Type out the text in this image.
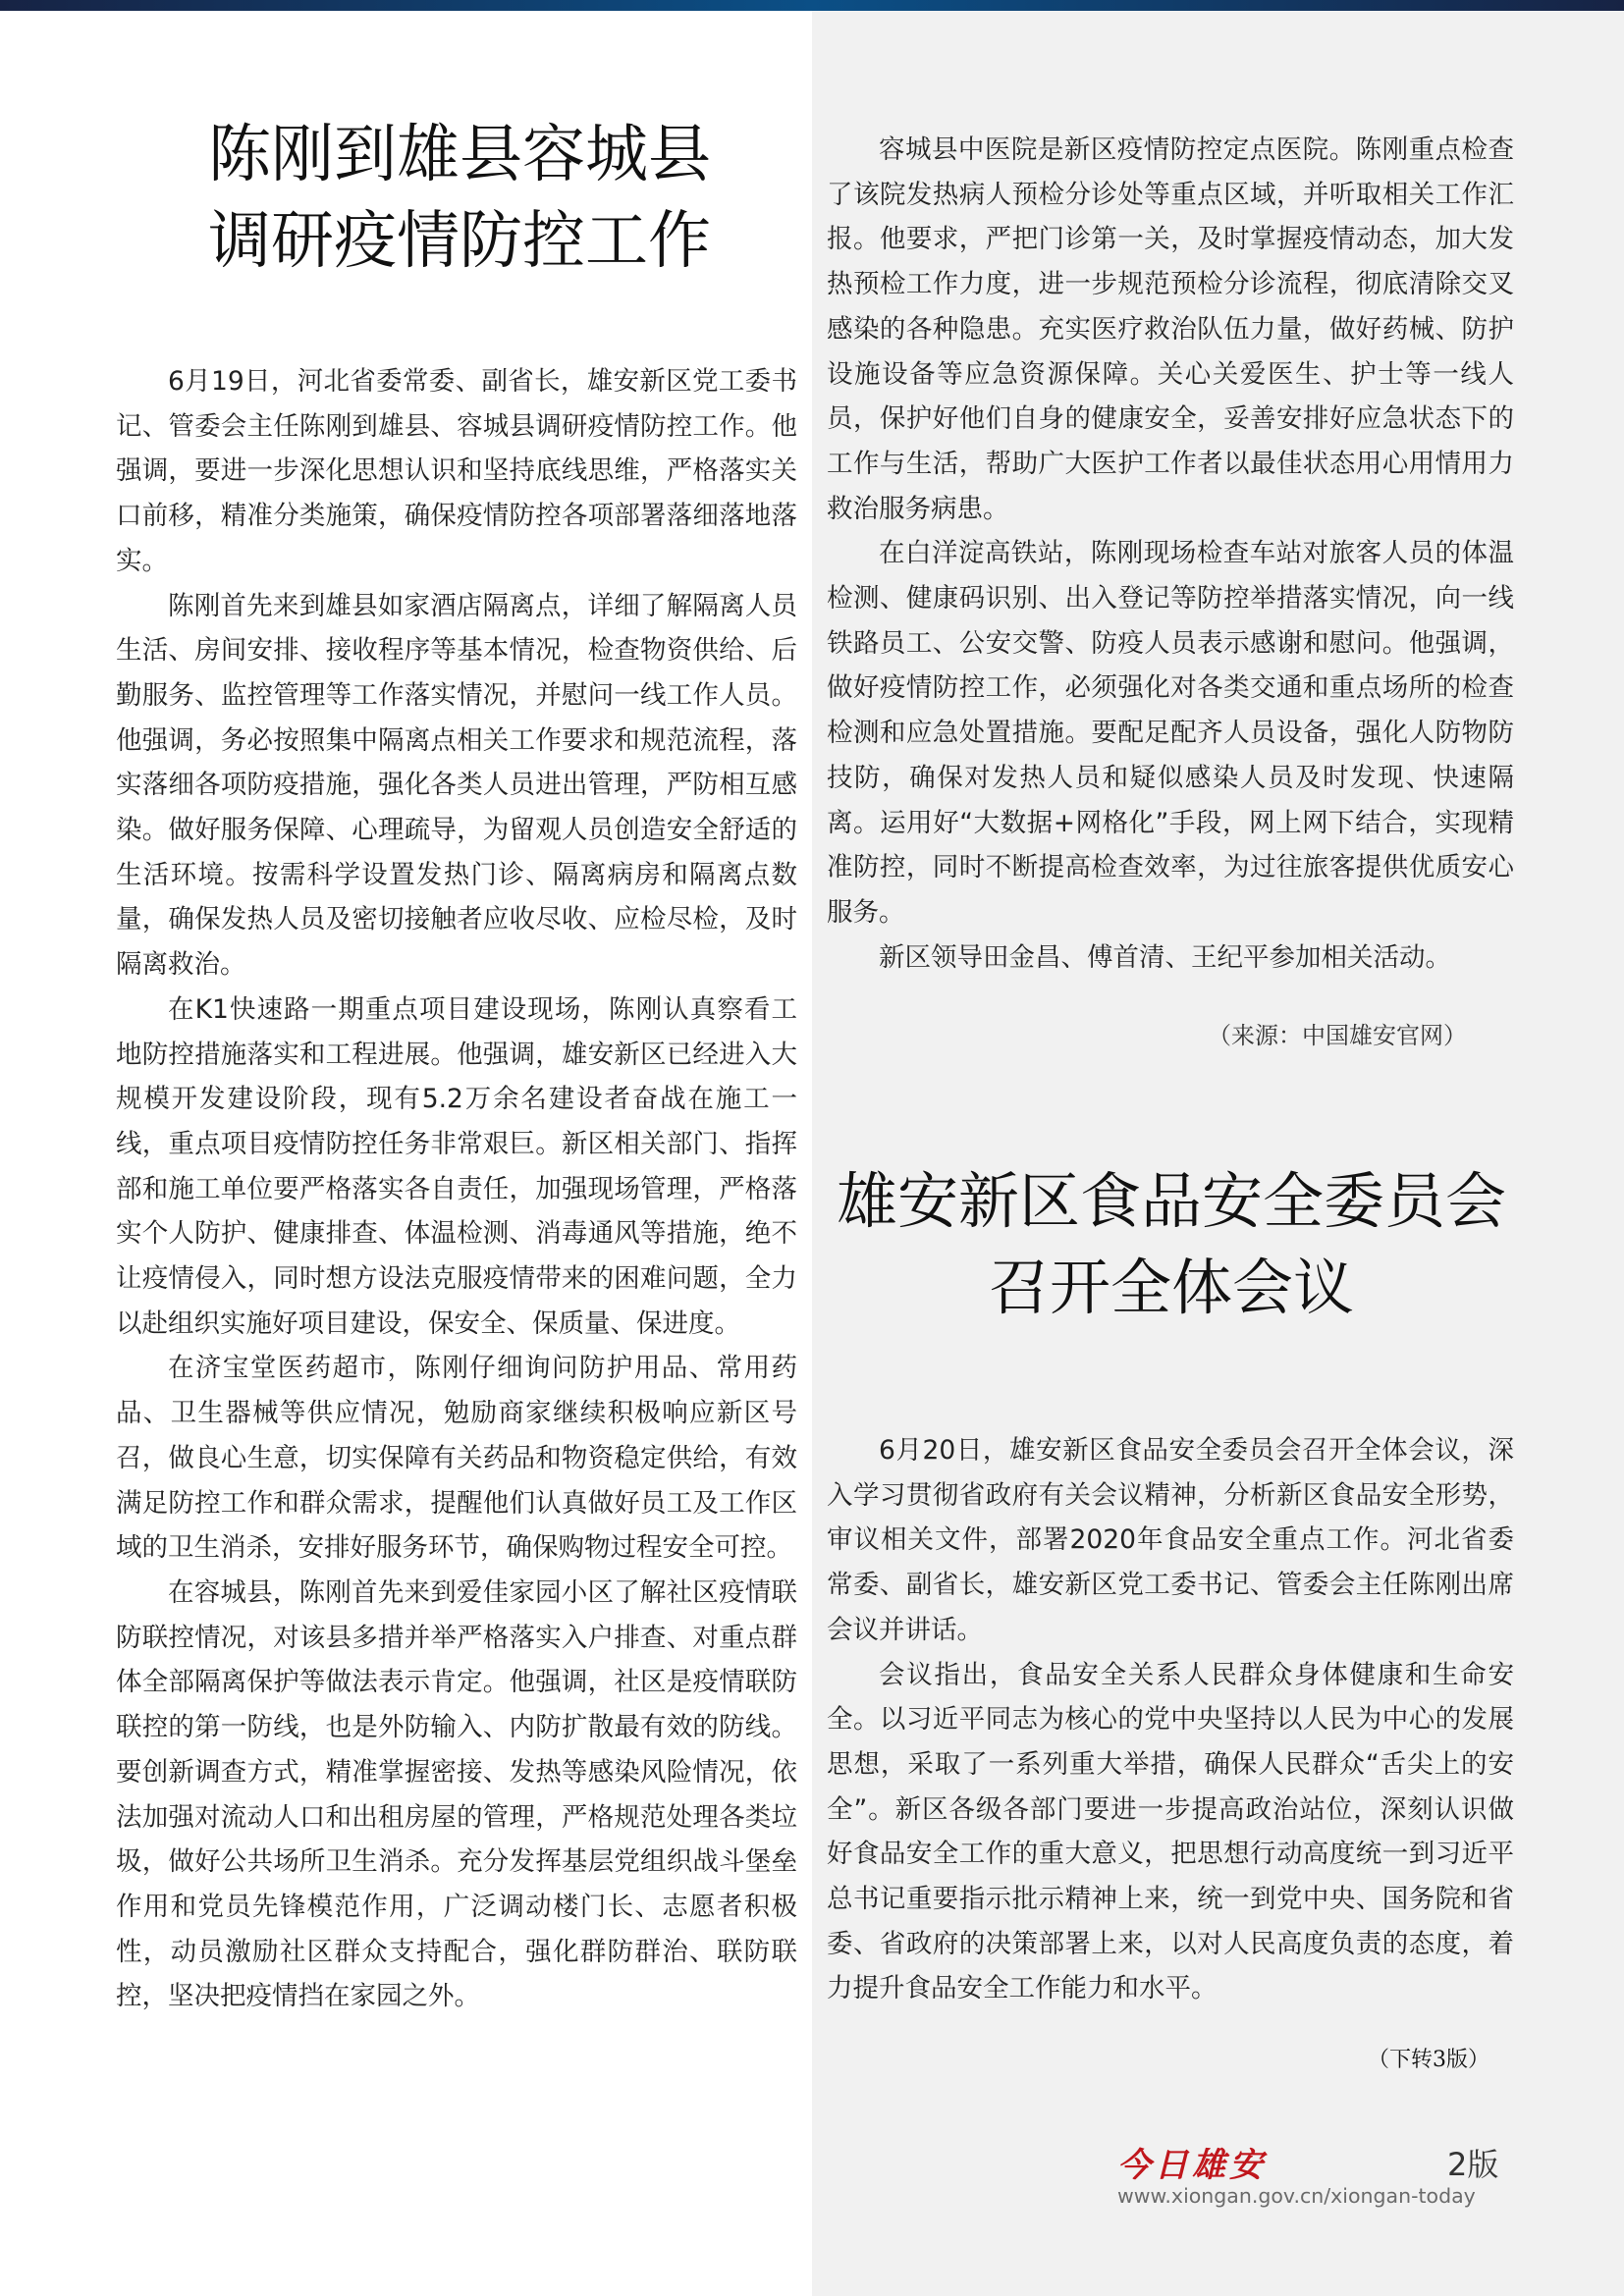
陈刚到雄县容城县
调研疫情防控工作

6月19日，河北省委常委、副省长，雄安新区党工委书记、管委会主任陈刚到雄县、容城县调研疫情防控工作。他强调，要进一步深化思想认识和坚持底线思维，严格落实关口前移，精准分类施策，确保疫情防控各项部署落细落地落实。

陈刚首先来到雄县如家酒店隔离点，详细了解隔离人员生活、房间安排、接收程序等基本情况，检查物资供给、后勤服务、监控管理等工作落实情况，并慰问一线工作人员。他强调，务必按照集中隔离点相关工作要求和规范流程，落实落细各项防疫措施，强化各类人员进出管理，严防相互感染。做好服务保障、心理疏导，为留观人员创造安全舒适的生活环境。按需科学设置发热门诊、隔离病房和隔离点数量，确保发热人员及密切接触者应收尽收、应检尽检，及时隔离救治。

在K1快速路一期重点项目建设现场，陈刚认真察看工地防控措施落实和工程进展。他强调，雄安新区已经进入大规模开发建设阶段，现有5.2万余名建设者奋战在施工一线，重点项目疫情防控任务非常艰巨。新区相关部门、指挥部和施工单位要严格落实各自责任，加强现场管理，严格落实个人防护、健康排查、体温检测、消毒通风等措施，绝不让疫情侵入，同时想方设法克服疫情带来的困难问题，全力以赴组织实施好项目建设，保安全、保质量、保进度。

在济宝堂医药超市，陈刚仔细询问防护用品、常用药品、卫生器械等供应情况，勉励商家继续积极响应新区号召，做良心生意，切实保障有关药品和物资稳定供给，有效满足防控工作和群众需求，提醒他们认真做好员工及工作区域的卫生消杀，安排好服务环节，确保购物过程安全可控。

在容城县，陈刚首先来到爱佳家园小区了解社区疫情联防联控情况，对该县多措并举严格落实入户排查、对重点群体全部隔离保护等做法表示肯定。他强调，社区是疫情联防联控的第一防线，也是外防输入、内防扩散最有效的防线。要创新调查方式，精准掌握密接、发热等感染风险情况，依法加强对流动人口和出租房屋的管理，严格规范处理各类垃圾，做好公共场所卫生消杀。充分发挥基层党组织战斗堡垒作用和党员先锋模范作用，广泛调动楼门长、志愿者积极性，动员激励社区群众支持配合，强化群防群治、联防联控，坚决把疫情挡在家园之外。

容城县中医院是新区疫情防控定点医院。陈刚重点检查了该院发热病人预检分诊处等重点区域，并听取相关工作汇报。他要求，严把门诊第一关，及时掌握疫情动态，加大发热预检工作力度，进一步规范预检分诊流程，彻底清除交叉感染的各种隐患。充实医疗救治队伍力量，做好药械、防护设施设备等应急资源保障。关心关爱医生、护士等一线人员，保护好他们自身的健康安全，妥善安排好应急状态下的工作与生活，帮助广大医护工作者以最佳状态用心用情用力救治服务病患。

在白洋淀高铁站，陈刚现场检查车站对旅客人员的体温检测、健康码识别、出入登记等防控举措落实情况，向一线铁路员工、公安交警、防疫人员表示感谢和慰问。他强调，做好疫情防控工作，必须强化对各类交通和重点场所的检查检测和应急处置措施。要配足配齐人员设备，强化人防物防技防，确保对发热人员和疑似感染人员及时发现、快速隔离。运用好“大数据+网格化”手段，网上网下结合，实现精准防控，同时不断提高检查效率，为过往旅客提供优质安心服务。

新区领导田金昌、傅首清、王纪平参加相关活动。

（来源：中国雄安官网）
雄安新区食品安全委员会
召开全体会议

6月20日，雄安新区食品安全委员会召开全体会议，深入学习贯彻省政府有关会议精神，分析新区食品安全形势，审议相关文件，部署2020年食品安全重点工作。河北省委常委、副省长，雄安新区党工委书记、管委会主任陈刚出席会议并讲话。

会议指出，食品安全关系人民群众身体健康和生命安全。以习近平同志为核心的党中央坚持以人民为中心的发展思想，采取了一系列重大举措，确保人民群众“舌尖上的安全”。新区各级各部门要进一步提高政治站位，深刻认识做好食品安全工作的重大意义，把思想行动高度统一到习近平总书记重要指示批示精神上来，统一到党中央、国务院和省委、省政府的决策部署上来，以对人民高度负责的态度，着力提升食品安全工作能力和水平。

（下转3版）
今日雄安	2版
www.xiongan.gov.cn/xiongan-today
